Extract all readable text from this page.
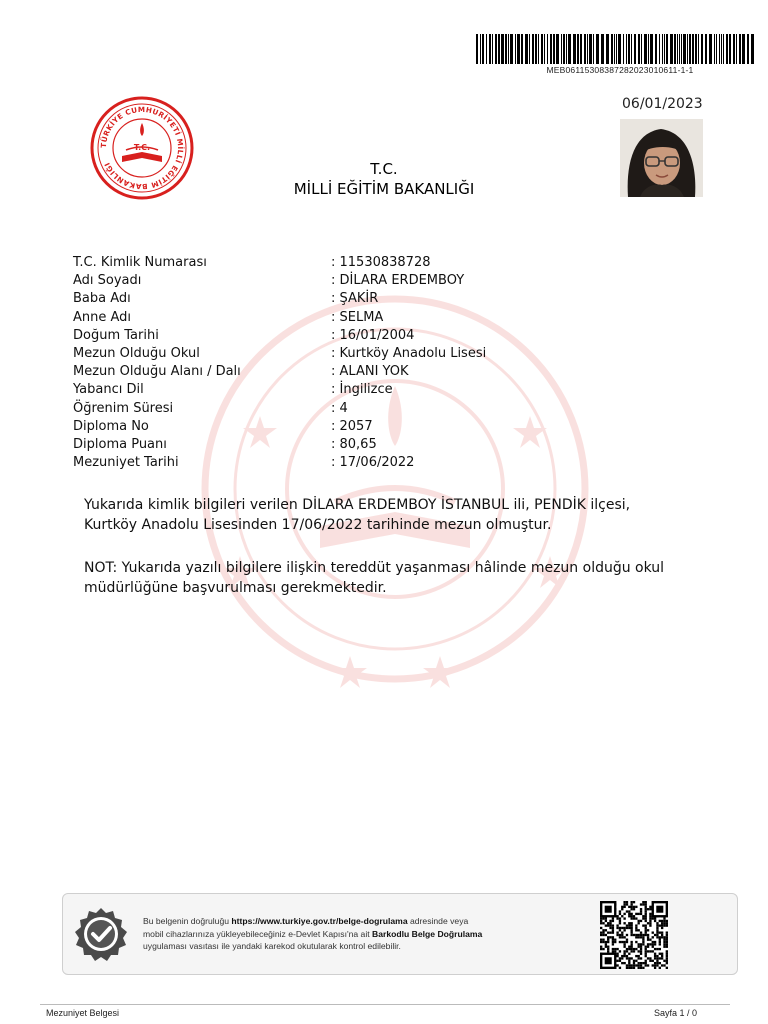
MEB0611530838728202301061​1-1-1
06/01/2023
TÜRKİYE CUMHURİYETİ MİLLİ EĞİTİM BAKANLIĞI
T.C.
T.C.
MİLLİ EĞİTİM BAKANLIĞI
T.C. Kimlik Numarası	: 11530838728
Adı Soyadı	: DİLARA ERDEMBOY
Baba Adı	: ŞAKİR
Anne Adı	: SELMA
Doğum Tarihi	: 16/01/2004
Mezun Olduğu Okul	: Kurtköy Anadolu Lisesi
Mezun Olduğu Alanı / Dalı	: ALANI YOK
Yabancı Dil	: İngilizce
Öğrenim Süresi	: 4
Diploma No	: 2057
Diploma Puanı	: 80,65
Mezuniyet Tarihi	: 17/06/2022
Yukarıda kimlik bilgileri verilen DİLARA ERDEMBOY İSTANBUL ili, PENDİK ilçesi, Kurtköy Anadolu Lisesinden 17/06/2022 tarihinde mezun olmuştur.
NOT: Yukarıda yazılı bilgilere ilişkin tereddüt yaşanması hâlinde mezun olduğu okul müdürlüğüne başvurulması gerekmektedir.
Bu belgenin doğruluğu https://www.turkiye.gov.tr/belge-dogrulama adresinde veya
mobil cihazlarınıza yükleyebileceğiniz e-Devlet Kapısı'na ait Barkodlu Belge Doğrulama
uygulaması vasıtası ile yandaki karekod okutularak kontrol edilebilir.
Mezuniyet Belgesi	Sayfa 1 / 0
